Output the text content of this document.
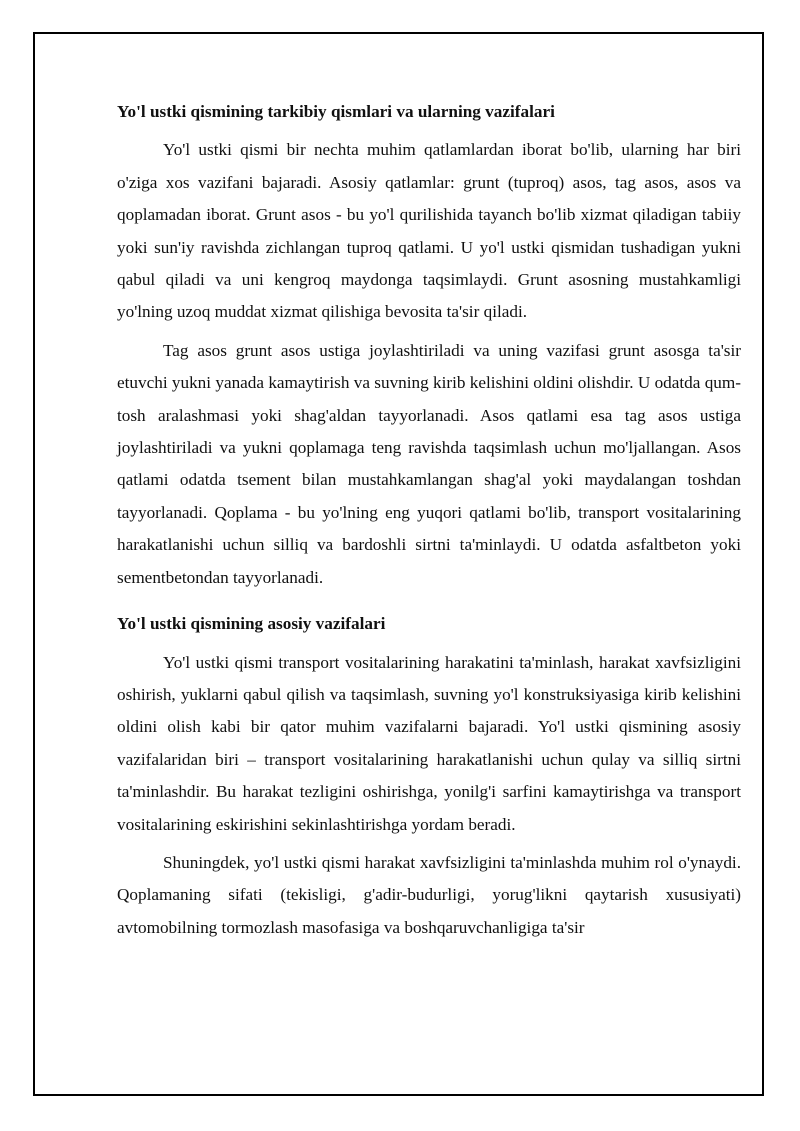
Yo'l ustki qismining tarkibiy qismlari va ularning vazifalari

Yo'l ustki qismi bir nechta muhim qatlamlardan iborat bo'lib, ularning har biri o'ziga xos vazifani bajaradi. Asosiy qatlamlar: grunt (tuproq) asos, tag asos, asos va qoplamadan iborat. Grunt asos - bu yo'l qurilishida tayanch bo'lib xizmat qiladigan tabiiy yoki sun'iy ravishda zichlangan tuproq qatlami. U yo'l ustki qismidan tushadigan yukni qabul qiladi va uni kengroq maydonga taqsimlaydi. Grunt asosning mustahkamligi yo'lning uzoq muddat xizmat qilishiga bevosita ta'sir qiladi.

Tag asos grunt asos ustiga joylashtiriladi va uning vazifasi grunt asosga ta'sir etuvchi yukni yanada kamaytirish va suvning kirib kelishini oldini olishdir. U odatda qum-tosh aralashmasi yoki shag'aldan tayyorlanadi. Asos qatlami esa tag asos ustiga joylashtiriladi va yukni qoplamaga teng ravishda taqsimlash uchun mo'ljallangan. Asos qatlami odatda tsement bilan mustahkamlangan shag'al yoki maydalangan toshdan tayyorlanadi. Qoplama - bu yo'lning eng yuqori qatlami bo'lib, transport vositalarining harakatlanishi uchun silliq va bardoshli sirtni ta'minlaydi. U odatda asfaltbeton yoki sementbetondan tayyorlanadi.

Yo'l ustki qismining asosiy vazifalari

Yo'l ustki qismi transport vositalarining harakatini ta'minlash, harakat xavfsizligini oshirish, yuklarni qabul qilish va taqsimlash, suvning yo'l konstruksiyasiga kirib kelishini oldini olish kabi bir qator muhim vazifalarni bajaradi. Yo'l ustki qismining asosiy vazifalaridan biri – transport vositalarining harakatlanishi uchun qulay va silliq sirtni ta'minlashdir. Bu harakat tezligini oshirishga, yonilg'i sarfini kamaytirishga va transport vositalarining eskirishini sekinlashtirishga yordam beradi.

Shuningdek, yo'l ustki qismi harakat xavfsizligini ta'minlashda muhim rol o'ynaydi. Qoplamaning sifati (tekisligi, g'adir-budurligi, yorug'likni qaytarish xususiyati) avtomobilning tormozlash masofasiga va boshqaruvchanligiga ta'sir
